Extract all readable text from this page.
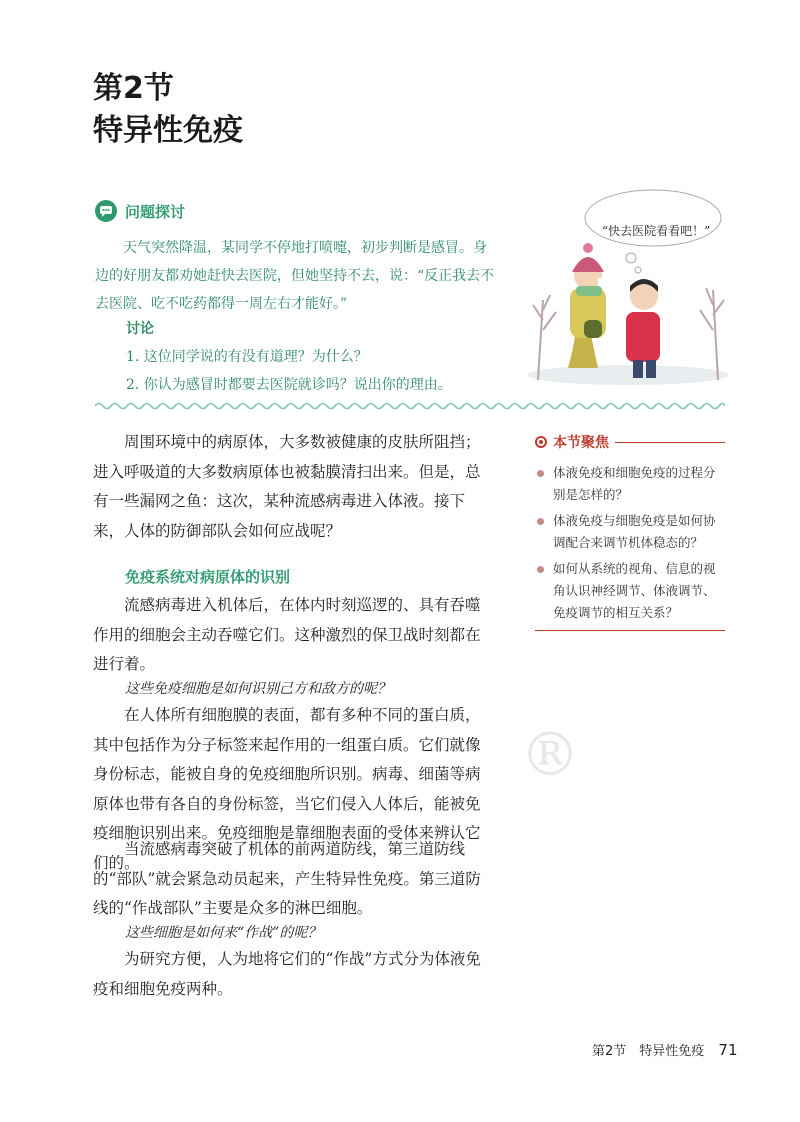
第2节
特异性免疫
问题探讨

天气突然降温，某同学不停地打喷嚏，初步判断是感冒。身边的好朋友都劝她赶快去医院，但她坚持不去，说：“反正我去不去医院、吃不吃药都得一周左右才能好。”

讨论
1. 这位同学说的有没有道理？为什么？
2. 你认为感冒时都要去医院就诊吗？说出你的理由。
“快去医院看看吧！”

周围环境中的病原体，大多数被健康的皮肤所阻挡；进入呼吸道的大多数病原体也被黏膜清扫出来。但是，总有一些漏网之鱼：这次，某种流感病毒进入体液。接下来，人体的防御部队会如何应战呢？

免疫系统对病原体的识别

流感病毒进入机体后，在体内时刻巡逻的、具有吞噬作用的细胞会主动吞噬它们。这种激烈的保卫战时刻都在进行着。

这些免疫细胞是如何识别己方和敌方的呢？

在人体所有细胞膜的表面，都有多种不同的蛋白质，其中包括作为分子标签来起作用的一组蛋白质。它们就像身份标志，能被自身的免疫细胞所识别。病毒、细菌等病原体也带有各自的身份标签，当它们侵入人体后，能被免疫细胞识别出来。免疫细胞是靠细胞表面的受体来辨认它们的。

当流感病毒突破了机体的前两道防线，第三道防线的“部队”就会紧急动员起来，产生特异性免疫。第三道防线的“作战部队”主要是众多的淋巴细胞。

这些细胞是如何来“作战”的呢？

为研究方便，人为地将它们的“作战”方式分为体液免疫和细胞免疫两种。

本节聚焦
体液免疫和细胞免疫的过程分别是怎样的？
体液免疫与细胞免疫是如何协调配合来调节机体稳态的？
如何从系统的视角、信息的视角认识神经调节、体液调节、免疫调节的相互关系？
®
第2节　特异性免疫 71
